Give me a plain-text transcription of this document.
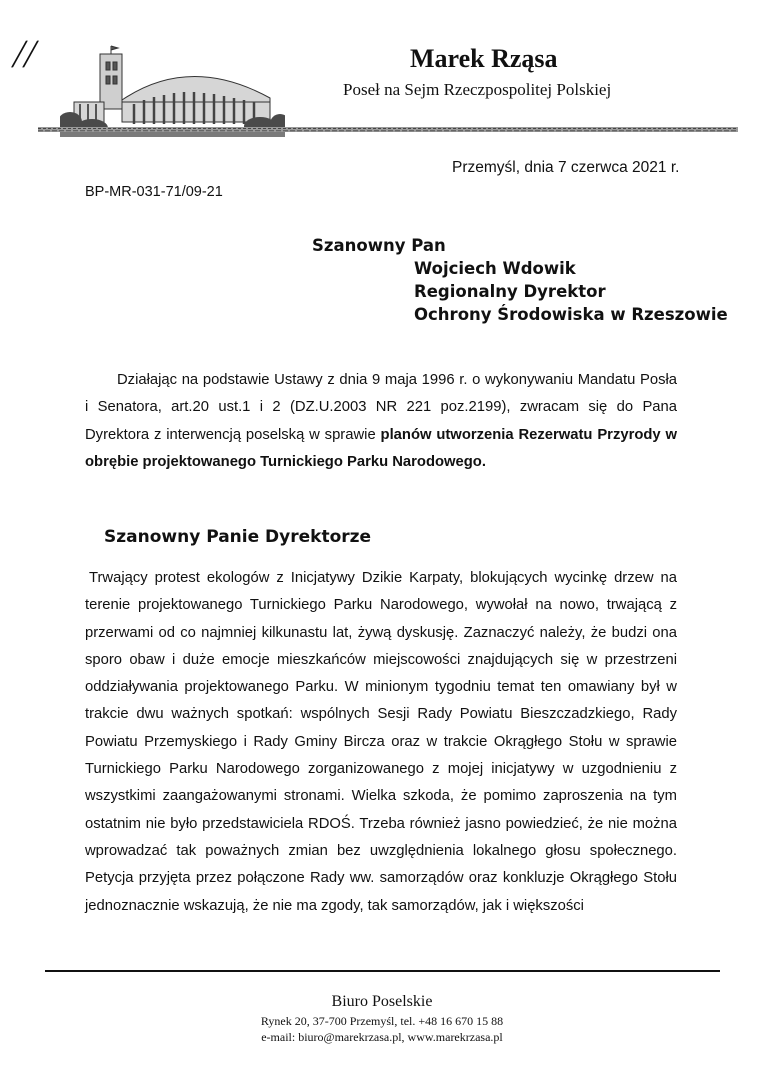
//	Marek Rząsa
Poseł na Sejm Rzeczpospolitej Polskiej
Przemyśl, dnia 7 czerwca 2021 r.
BP-MR-031-71/09-21
Szanowny Pan
Wojciech Wdowik
Regionalny Dyrektor
Ochrony Środowiska w Rzeszowie

Działając na podstawie Ustawy z dnia 9 maja 1996 r. o wykonywaniu Mandatu Posła i Senatora, art.20 ust.1 i 2 (DZ.U.2003 NR 221 poz.2199), zwracam się do Pana Dyrektora z interwencją poselską w sprawie planów utworzenia Rezerwatu Przyrody w obrębie projektowanego Turnickiego Parku Narodowego.

Szanowny Panie Dyrektorze

Trwający protest ekologów z Inicjatywy Dzikie Karpaty, blokujących wycinkę drzew na terenie projektowanego Turnickiego Parku Narodowego, wywołał na nowo, trwającą z przerwami od co najmniej kilkunastu lat, żywą dyskusję. Zaznaczyć należy, że budzi ona sporo obaw i duże emocje mieszkańców miejscowości znajdujących się w przestrzeni oddziaływania projektowanego Parku. W minionym tygodniu temat ten omawiany był w trakcie dwu ważnych spotkań: wspólnych Sesji Rady Powiatu Bieszczadzkiego, Rady Powiatu Przemyskiego i Rady Gminy Bircza oraz w trakcie Okrągłego Stołu w sprawie Turnickiego Parku Narodowego zorganizowanego z mojej inicjatywy w uzgodnieniu z wszystkimi zaangażowanymi stronami. Wielka szkoda, że pomimo zaproszenia na tym ostatnim nie było przedstawiciela RDOŚ. Trzeba również jasno powiedzieć, że nie można wprowadzać tak poważnych zmian bez uwzględnienia lokalnego głosu społecznego. Petycja przyjęta przez połączone Rady ww. samorządów oraz konkluzje Okrągłego Stołu jednoznacznie wskazują, że nie ma zgody, tak samorządów, jak i większości

Biuro Poselskie
Rynek 20, 37-700 Przemyśl, tel. +48 16 670 15 88
e-mail: biuro@marekrzasa.pl, www.marekrzasa.pl
